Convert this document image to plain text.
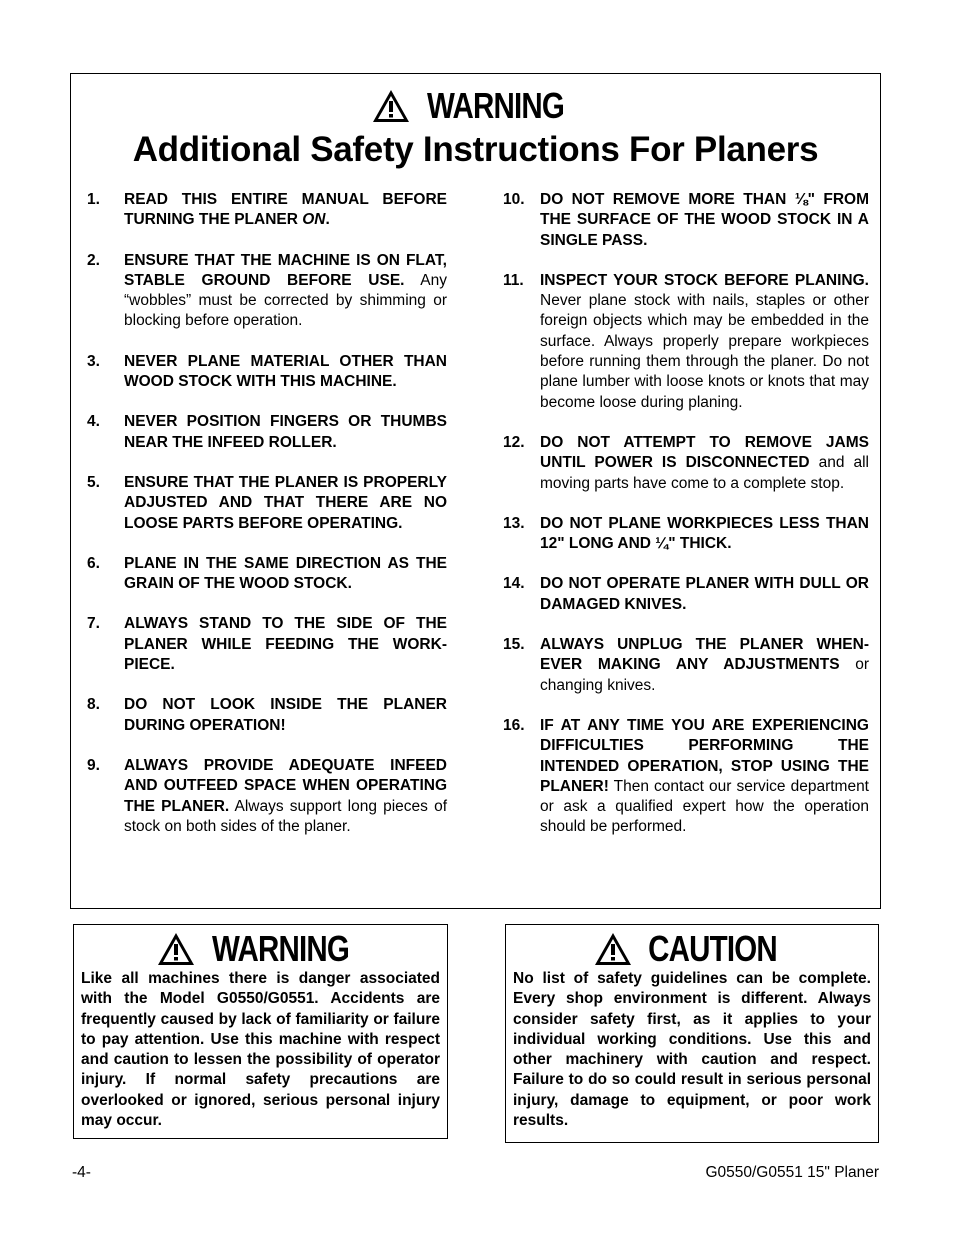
WARNING
Additional Safety Instructions For Planers
1.	READ THIS ENTIRE MANUAL BEFORE TURNING THE PLANER ON.
2.	ENSURE THAT THE MACHINE IS ON FLAT, STABLE GROUND BEFORE USE. Any “wobbles” must be corrected by shimming or blocking before operation.
3.	NEVER PLANE MATERIAL OTHER THAN WOOD STOCK WITH THIS MACHINE.
4.	NEVER POSITION FINGERS OR THUMBS NEAR THE INFEED ROLLER.
5.	ENSURE THAT THE PLANER IS PROPERLY ADJUSTED AND THAT THERE ARE NO LOOSE PARTS BEFORE OPERATING.
6.	PLANE IN THE SAME DIRECTION AS THE GRAIN OF THE WOOD STOCK.
7.	ALWAYS STAND TO THE SIDE OF THE PLANER WHILE FEEDING THE WORKPIECE.
8.	DO NOT LOOK INSIDE THE PLANER DURING OPERATION!
9.	ALWAYS PROVIDE ADEQUATE INFEED AND OUTFEED SPACE WHEN OPERATING THE PLANER. Always support long pieces of stock on both sides of the planer.
10. DO NOT REMOVE MORE THAN ⅛" FROM THE SURFACE OF THE WOOD STOCK IN A SINGLE PASS.
11.	INSPECT YOUR STOCK BEFORE PLANING. Never plane stock with nails, staples or other foreign objects which may be embedded in the surface. Always properly prepare workpieces before running them through the planer. Do not plane lumber with loose knots or knots that may become loose during planing.
12. DO NOT ATTEMPT TO REMOVE JAMS UNTIL POWER IS DISCONNECTED and all moving parts have come to a complete stop.
13. DO NOT PLANE WORKPIECES LESS THAN 12" LONG AND ¼" THICK.
14. DO NOT OPERATE PLANER WITH DULL OR DAMAGED KNIVES.
15. ALWAYS UNPLUG THE PLANER WHENEVER MAKING ANY ADJUSTMENTS or changing knives.
16. IF AT ANY TIME YOU ARE EXPERIENCING DIFFICULTIES PERFORMING THE INTENDED OPERATION, STOP USING THE PLANER! Then contact our service department or ask a qualified expert how the operation should be performed.
WARNING
Like all machines there is danger associated with the Model G0550/G0551. Accidents are frequently caused by lack of familiarity or failure to pay attention. Use this machine with respect and caution to lessen the possibility of operator injury. If normal safety precautions are overlooked or ignored, serious personal injury may occur.
CAUTION
No list of safety guidelines can be complete. Every shop environment is different. Always consider safety first, as it applies to your individual working conditions. Use this and other machinery with caution and respect. Failure to do so could result in serious personal injury, damage to equipment, or poor work results.
-4-	G0550/G0551 15" Planer
